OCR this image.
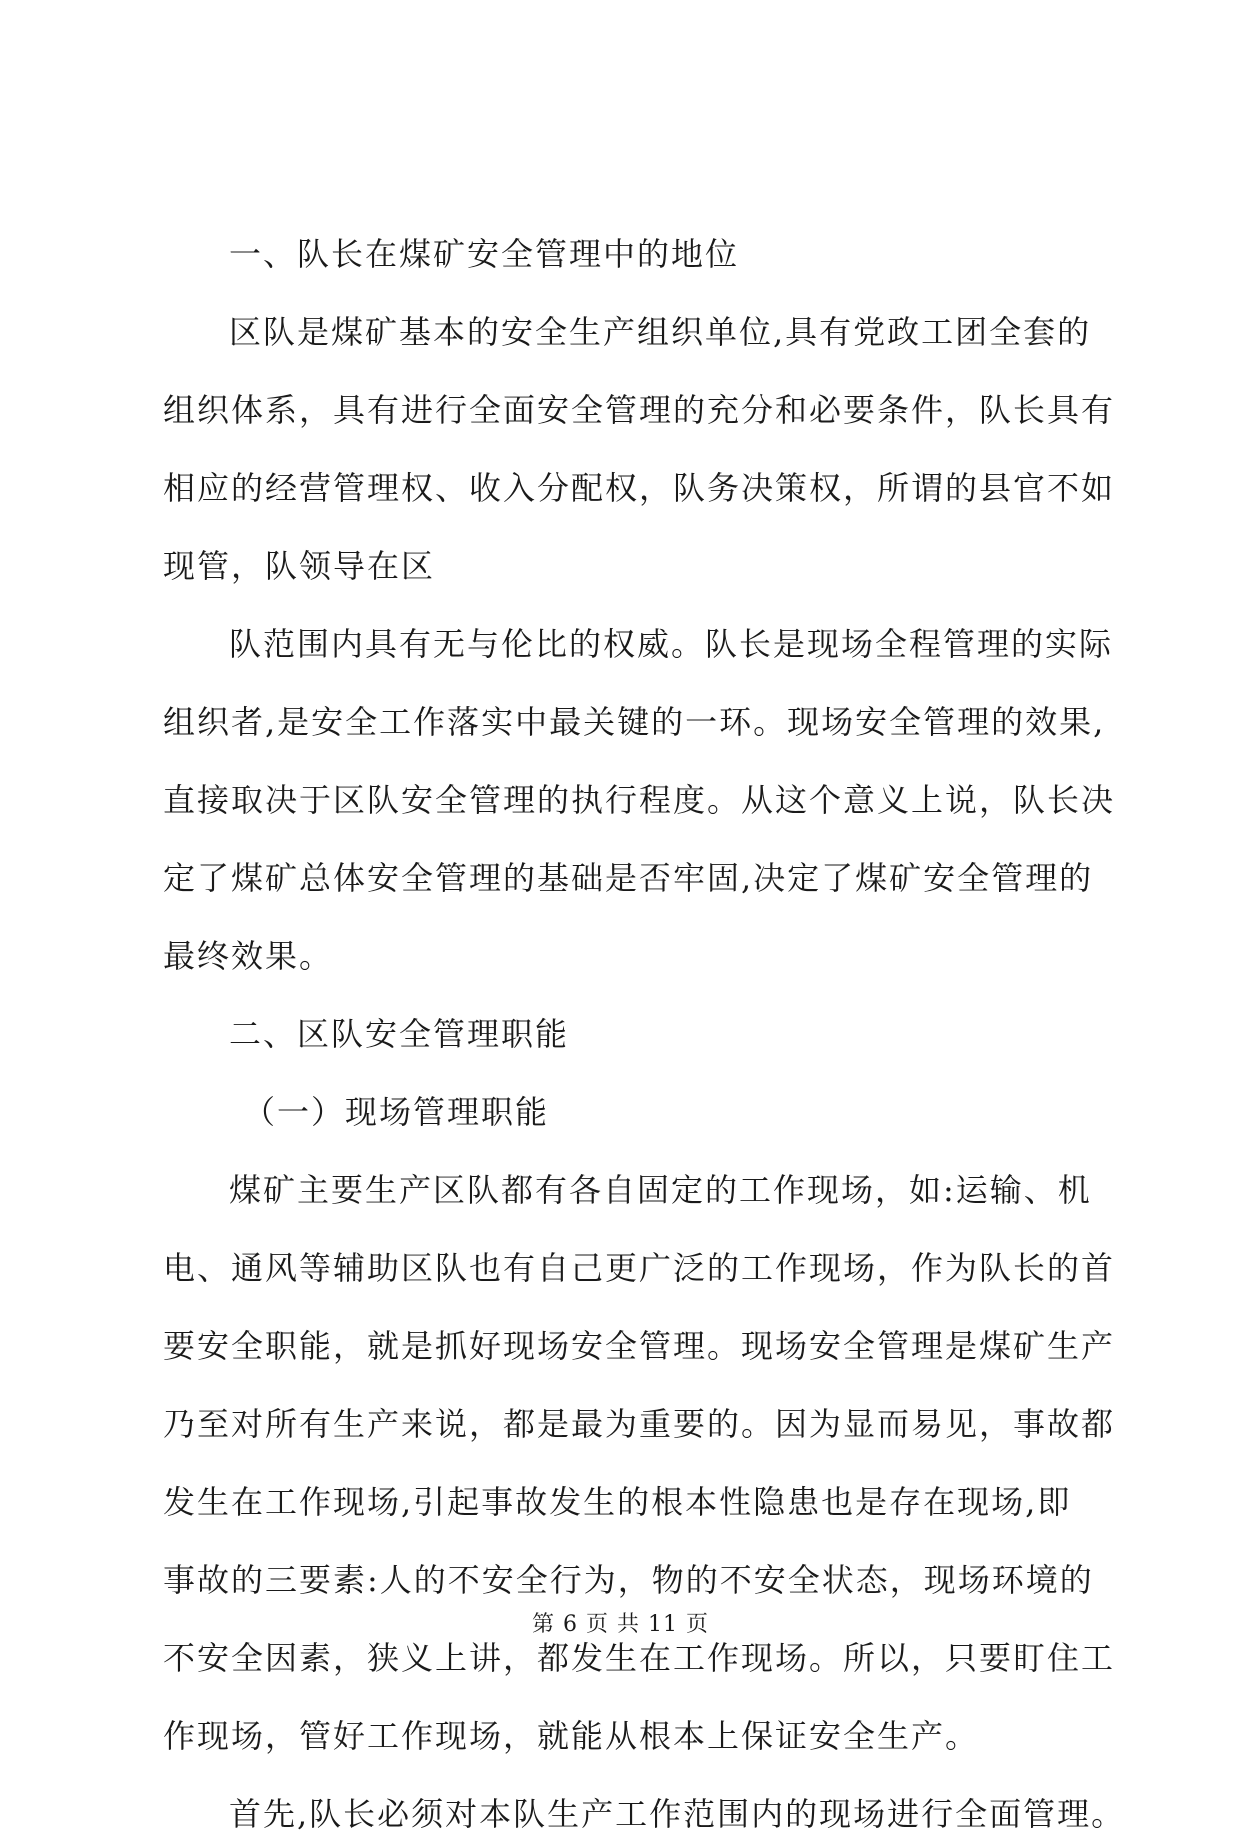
一、队长在煤矿安全管理中的地位
区队是煤矿基本的安全生产组织单位,具有党政工团全套的
组织体系，具有进行全面安全管理的充分和必要条件，队长具有
相应的经营管理权、收入分配权，队务决策权，所谓的县官不如
现管，队领导在区
队范围内具有无与伦比的权威。队长是现场全程管理的实际
组织者,是安全工作落实中最关键的一环。现场安全管理的效果,
直接取决于区队安全管理的执行程度。从这个意义上说，队长决
定了煤矿总体安全管理的基础是否牢固,决定了煤矿安全管理的
最终效果。
二、区队安全管理职能
（一）现场管理职能
煤矿主要生产区队都有各自固定的工作现场，如:运输、机
电、通风等辅助区队也有自己更广泛的工作现场，作为队长的首
要安全职能，就是抓好现场安全管理。现场安全管理是煤矿生产
乃至对所有生产来说，都是最为重要的。因为显而易见，事故都
发生在工作现场,引起事故发生的根本性隐患也是存在现场,即
事故的三要素:人的不安全行为，物的不安全状态，现场环境的
不安全因素，狭义上讲，都发生在工作现场。所以，只要盯住工
作现场，管好工作现场，就能从根本上保证安全生产。
首先,队长必须对本队生产工作范围内的现场进行全面管理。
第 6 页 共 11 页
